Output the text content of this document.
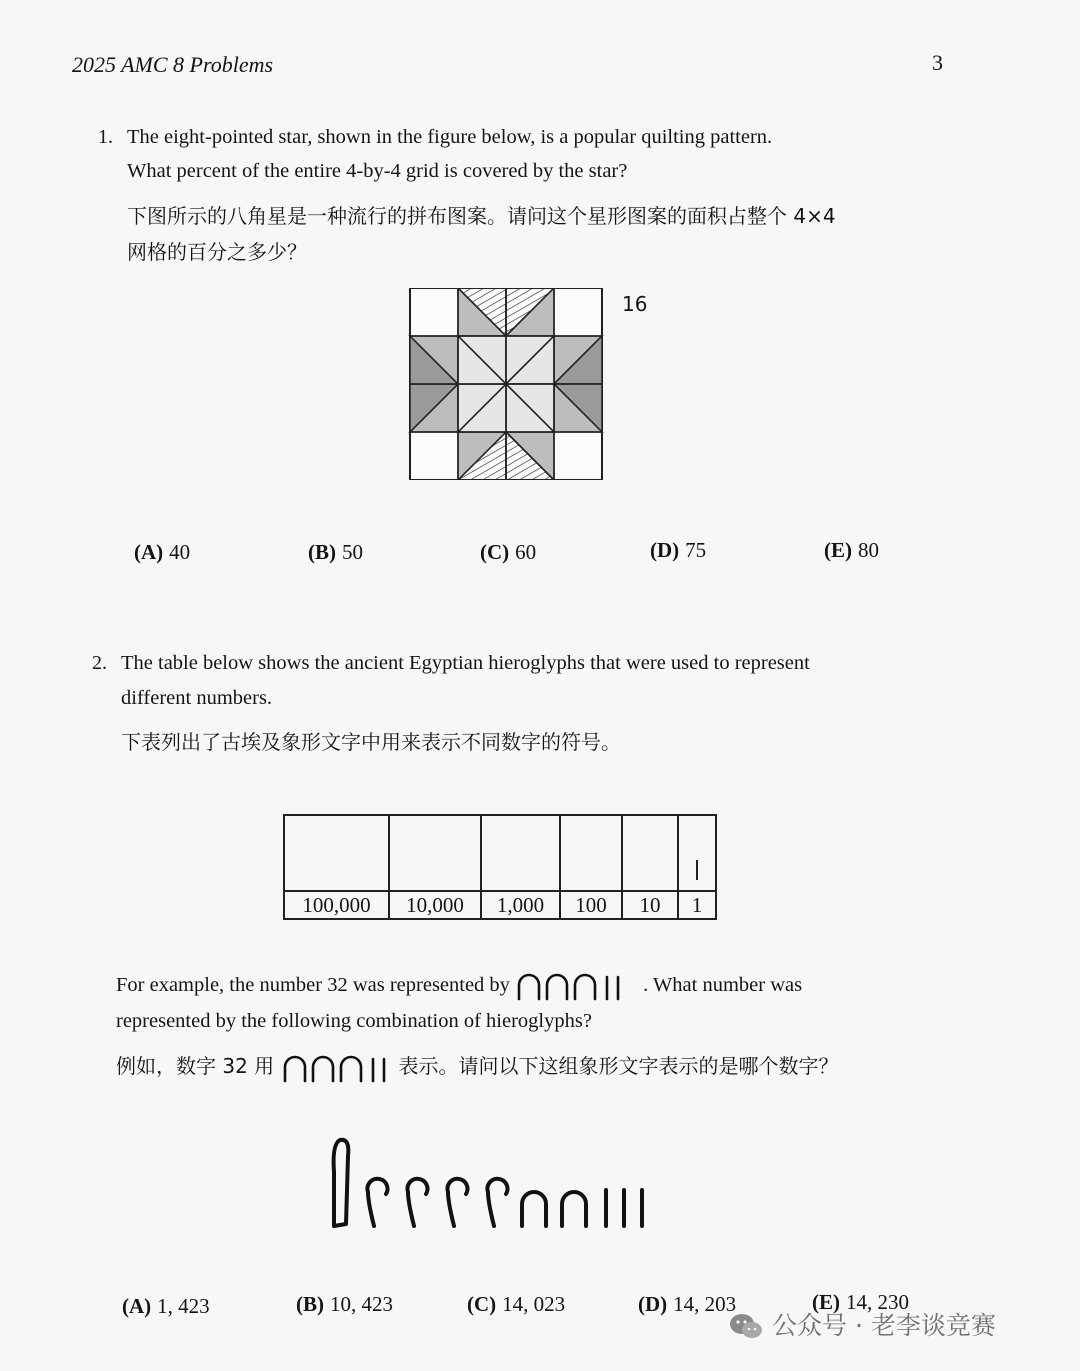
2025 AMC 8 Problems	3
1. The eight-pointed star, shown in the figure below, is a popular quilting pattern.
What percent of the entire 4-by-4 grid is covered by the star?
下图所示的八角星是一种流行的拼布图案。请问这个星形图案的面积占整个 4×4
网格的百分之多少？
16
(A) 40	(B) 50	(C) 60	(D) 75	(E) 80
2. The table below shows the ancient Egyptian hieroglyphs that were used to represent
different numbers.
下表列出了古埃及象形文字中用来表示不同数字的符号。

100,000	10,000	1,000	100	10	1
For example, the number 32 was represented by	. What number was
represented by the following combination of hieroglyphs?
例如，数字 32 用	表示。请问以下这组象形文字表示的是哪个数字？
(A) 1, 423	(B) 10, 423	(C) 14, 023	(D) 14, 203	(E) 14, 230
公众号 · 老李谈竞赛
